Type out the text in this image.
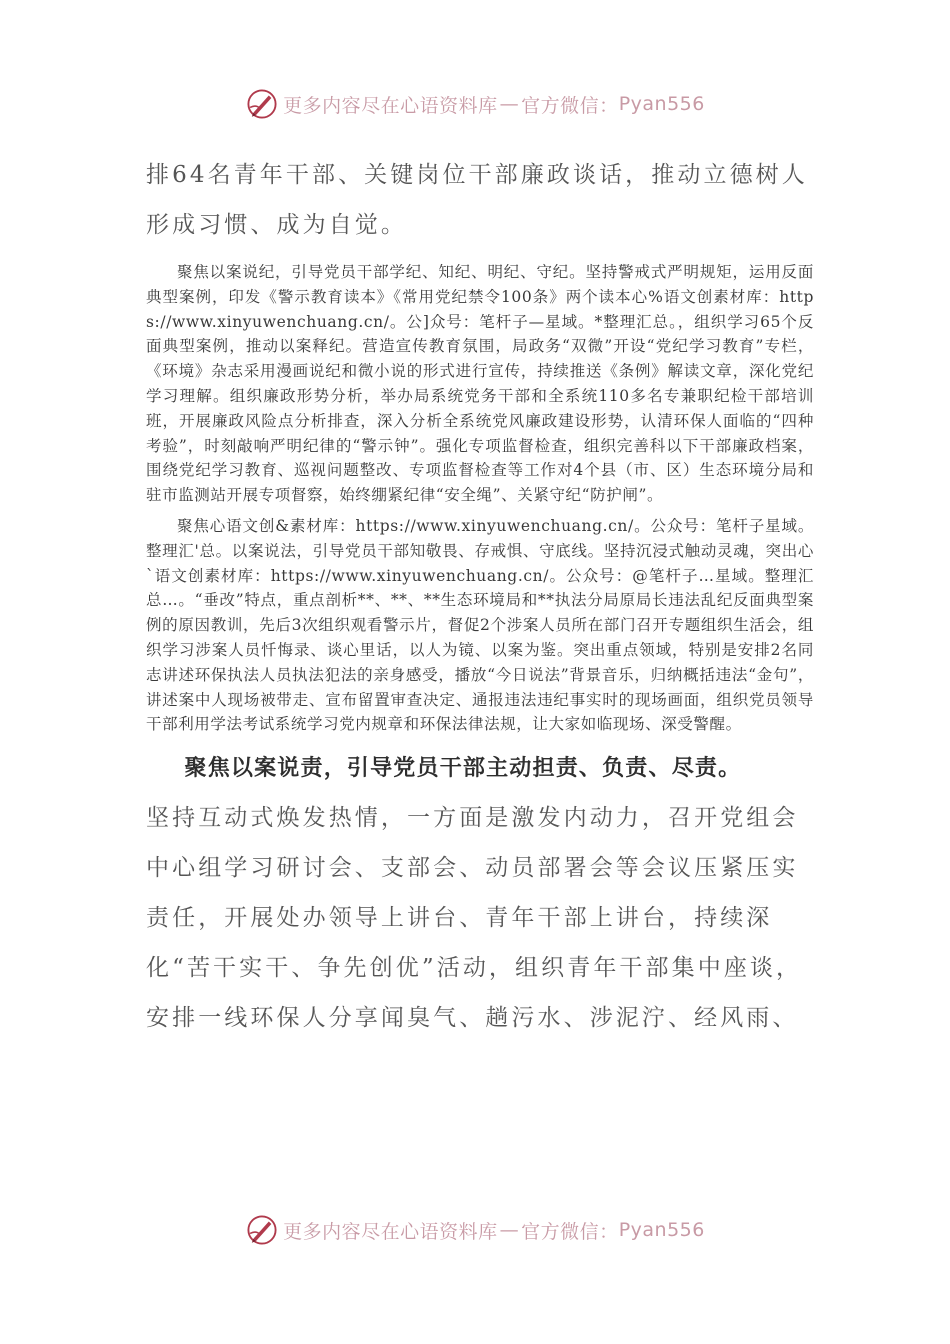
更多内容尽在心语资料库 — 官方微信： Pyan556

排64名青年干部、关键岗位干部廉政谈话，推动立德树人形成习惯、成为自觉。

聚焦以案说纪，引导党员干部学纪、知纪、明纪、守纪。坚持警戒式严明规矩，运用反面典型案例，印发《警示教育读本》《常用党纪禁令100条》两个读本心%语文创素材库：https://www.xinyuwenchuang.cn/。公]众号：笔杆子—星域。*整理汇总。，组织学习65个反面典型案例，推动以案释纪。营造宣传教育氛围，局政务“双微”开设“党纪学习教育”专栏，《环境》杂志采用漫画说纪和微小说的形式进行宣传，持续推送《条例》解读文章，深化党纪学习理解。组织廉政形势分析，举办局系统党务干部和全系统110多名专兼职纪检干部培训班，开展廉政风险点分析排查，深入分析全系统党风廉政建设形势，认清环保人面临的“四种考验”，时刻敲响严明纪律的“警示钟”。强化专项监督检查，组织完善科以下干部廉政档案，围绕党纪学习教育、巡视问题整改、专项监督检查等工作对4个县（市、区）生态环境分局和驻市监测站开展专项督察，始终绷紧纪律“安全绳”、关紧守纪“防护闸”。

聚焦心语文创&素材库：https://www.xinyuwenchuang.cn/。公众号：笔杆子星域。整理汇'总。以案说法，引导党员干部知敬畏、存戒惧、守底线。坚持沉浸式触动灵魂，突出心`语文创素材库：https://www.xinyuwenchuang.cn/。公众号：@笔杆子…星域。整理汇总…。“垂改”特点，重点剖析**、**、**生态环境局和**执法分局原局长违法乱纪反面典型案例的原因教训，先后3次组织观看警示片，督促2个涉案人员所在部门召开专题组织生活会，组织学习涉案人员忏悔录、谈心里话，以人为镜、以案为鉴。突出重点领域，特别是安排2名同志讲述环保执法人员执法犯法的亲身感受，播放“今日说法”背景音乐，归纳概括违法“金句”，讲述案中人现场被带走、宣布留置审查决定、通报违法违纪事实时的现场画面，组织党员领导干部利用学法考试系统学习党内规章和环保法律法规，让大家如临现场、深受警醒。

聚焦以案说责，引导党员干部主动担责、负责、尽责。

坚持互动式焕发热情，一方面是激发内动力，召开党组会中心组学习研讨会、支部会、动员部署会等会议压紧压实责任，开展处办领导上讲台、青年干部上讲台，持续深化“苦干实干、争先创优”活动，组织青年干部集中座谈，安排一线环保人分享闻臭气、趟污水、涉泥泞、经风雨、

更多内容尽在心语资料库 — 官方微信： Pyan556
